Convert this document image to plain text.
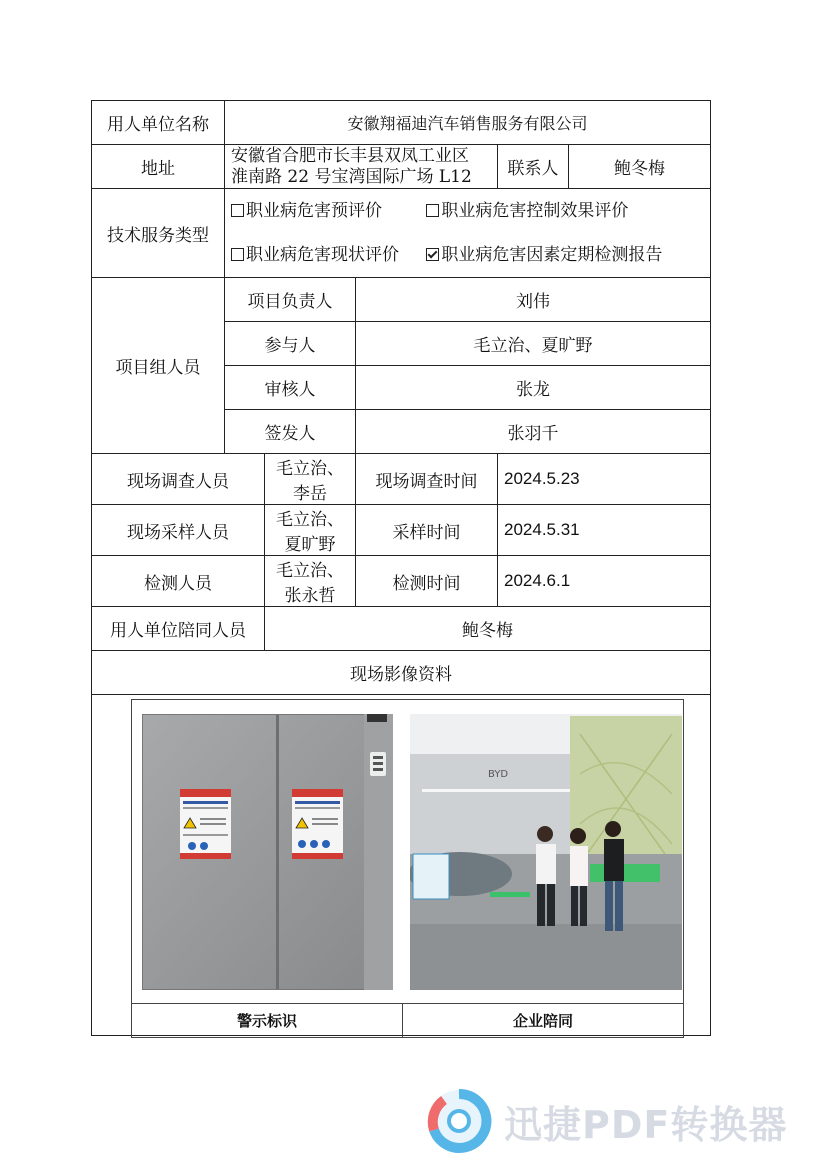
用人单位名称	安徽翔福迪汽车销售服务有限公司				
地址	安徽省合肥市长丰县双凤工业区
淮南路 22 号宝湾国际广场 L12			联系人	鲍冬梅
技术服务类型	职业病危害预评价 职业病危害控制效果评价
职业病危害现状评价 职业病危害因素定期检测报告				

项目组人员	项目负责人		刘伟		
	参与人		毛立治、夏旷野		
	审核人		张龙		
	签发人		张羽千		
现场调查人员		毛立治、李岳	现场调查时间	2024.5.23	
现场采样人员		毛立治、夏旷野	采样时间	2024.5.31	
检测人员		毛立治、张永哲	检测时间	2024.6.1	
用人单位陪同人员		鲍冬梅			
现场影像资料					

BYD
警示标识 企业陪同					
迅捷PDF转换器
